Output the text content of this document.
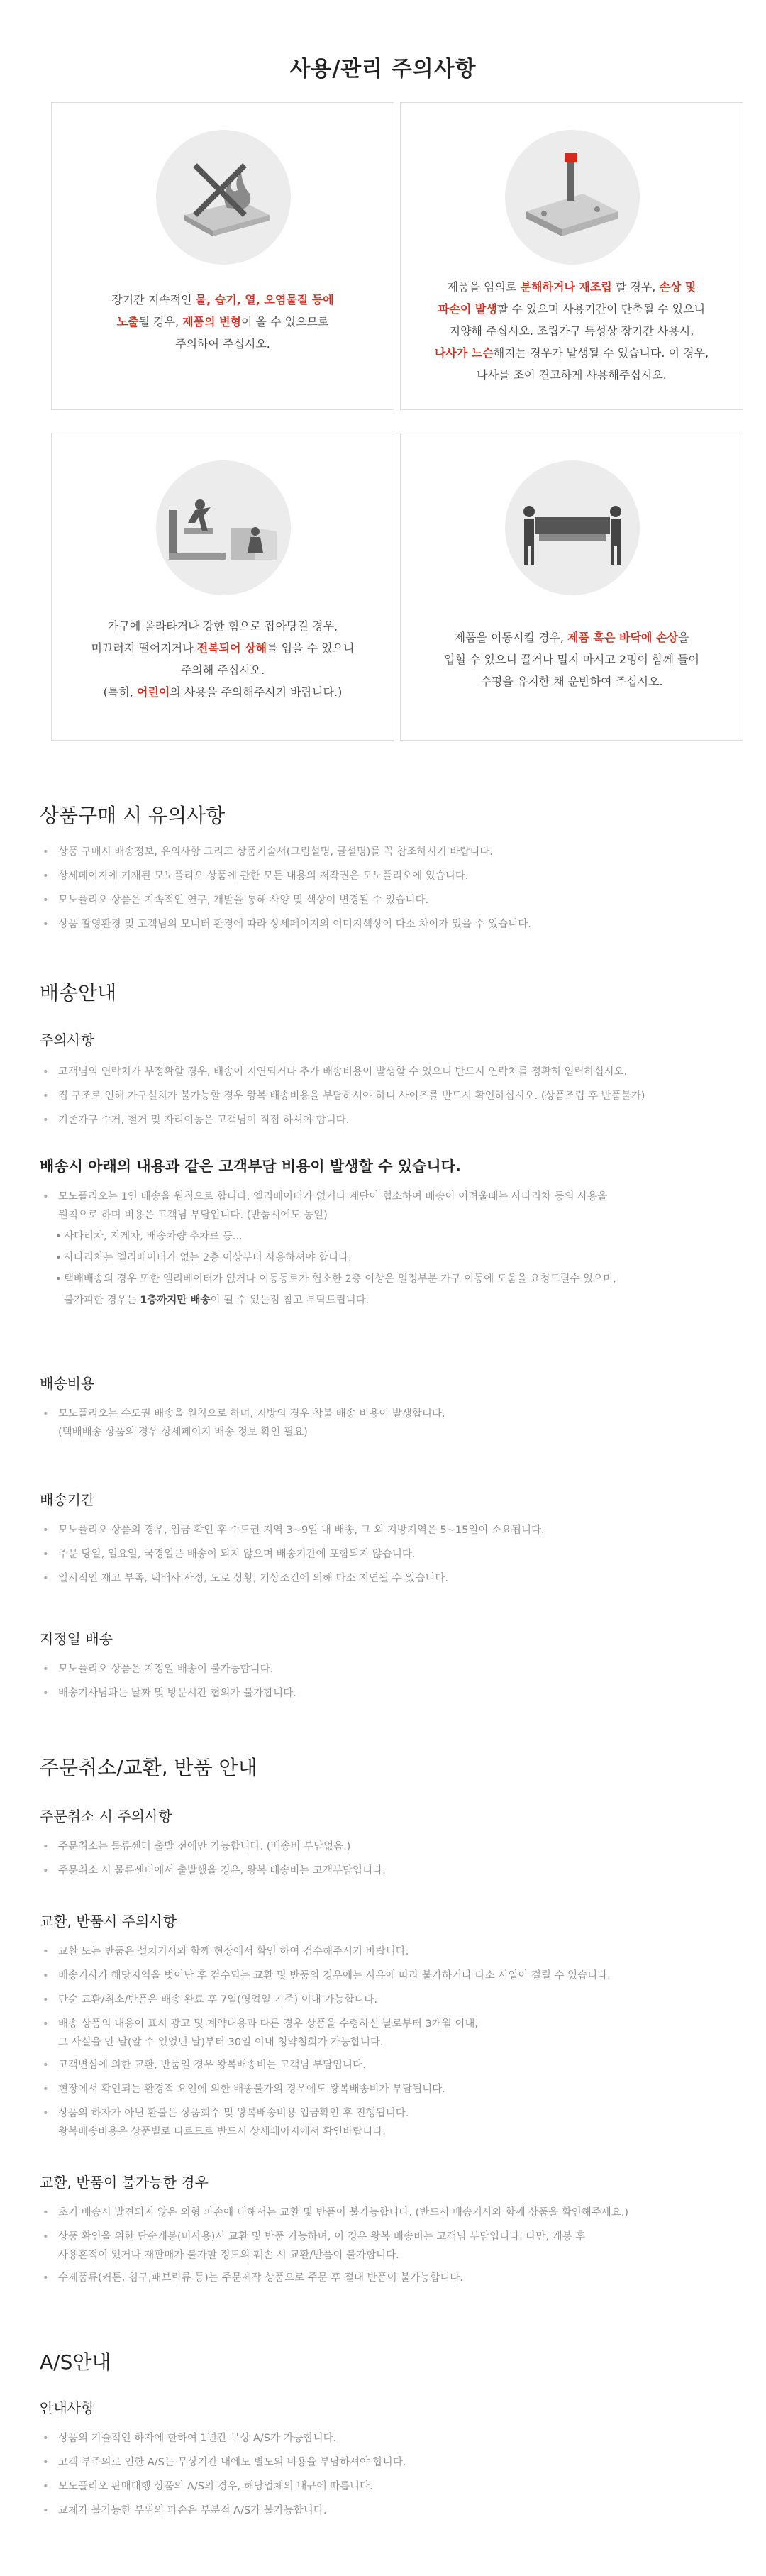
사용/관리 주의사항
장기간 지속적인 물, 습기, 열, 오염물질 등에
노출될 경우, 제품의 변형이 올 수 있으므로
주의하여 주십시오.
제품을 임의로 분해하거나 재조립 할 경우, 손상 및
파손이 발생할 수 있으며 사용기간이 단축될 수 있으니
지양해 주십시오. 조립가구 특성상 장기간 사용시,
나사가 느슨해지는 경우가 발생될 수 있습니다. 이 경우,
나사를 조여 견고하게 사용해주십시오.
가구에 올라타거나 강한 힘으로 잡아당길 경우,
미끄러져 떨어지거나 전복되어 상해를 입을 수 있으니
주의해 주십시오.
(특히, 어린이의 사용을 주의해주시기 바랍니다.)
제품을 이동시킬 경우, 제품 혹은 바닥에 손상을
입힐 수 있으니 끌거나 밀지 마시고 2명이 함께 들어
수평을 유지한 채 운반하여 주십시오.
상품구매 시 유의사항
• 상품 구매시 배송정보, 유의사항 그리고 상품기술서(그림설명, 글설명)를 꼭 참조하시기 바랍니다.
• 상세페이지에 기재된 모노플리오 상품에 관한 모든 내용의 저작권은 모노플리오에 있습니다.
• 모노플리오 상품은 지속적인 연구, 개발을 통해 사양 및 색상이 변경될 수 있습니다.
• 상품 촬영환경 및 고객님의 모니터 환경에 따라 상세페이지의 이미지색상이 다소 차이가 있을 수 있습니다.
배송안내
주의사항
• 고객님의 연락처가 부정확할 경우, 배송이 지연되거나 추가 배송비용이 발생할 수 있으니 반드시 연락처를 정확히 입력하십시오.
• 집 구조로 인해 가구설치가 불가능할 경우 왕복 배송비용을 부담하셔야 하니 사이즈를 반드시 확인하십시오. (상품조립 후 반품불가)
• 기존가구 수거, 철거 및 자리이동은 고객님이 직접 하셔야 합니다.
배송시 아래의 내용과 같은 고객부담 비용이 발생할 수 있습니다.
• 모노플리오는 1인 배송을 원칙으로 합니다. 엘리베이터가 없거나 계단이 협소하여 배송이 어려울때는 사다리차 등의 사용을
원칙으로 하며 비용은 고객님 부담입니다. (반품시에도 동일)
• 사다리차, 지게차, 배송차량 추차료 등...
• 사다리차는 엘리베이터가 없는 2층 이상부터 사용하셔야 합니다.
• 택배배송의 경우 또한 엘리베이터가 없거나 이동동로가 협소한 2층 이상은 일정부분 가구 이동에 도움을 요청드릴수 있으며,
불가피한 경우는 1층까지만 배송이 될 수 있는점 참고 부탁드립니다.
배송비용
• 모노플리오는 수도권 배송을 원칙으로 하며, 지방의 경우 착불 배송 비용이 발생합니다.
(택배배송 상품의 경우 상세페이지 배송 정보 확인 필요)
배송기간
• 모노플리오 상품의 경우, 입금 확인 후 수도권 지역 3~9일 내 배송, 그 외 지방지역은 5~15일이 소요됩니다.
• 주문 당일, 일요일, 국경일은 배송이 되지 않으며 배송기간에 포함되지 않습니다.
• 일시적인 재고 부족, 택배사 사정, 도로 상황, 기상조건에 의해 다소 지연될 수 있습니다.
지정일 배송
• 모노플리오 상품은 지정일 배송이 불가능합니다.
• 배송기사님과는 날짜 및 방문시간 협의가 불가합니다.
주문취소/교환, 반품 안내
주문취소 시 주의사항
• 주문취소는 물류센터 출발 전에만 가능합니다. (배송비 부담없음.)
• 주문취소 시 물류센터에서 출발했을 경우, 왕복 배송비는 고객부담입니다.
교환, 반품시 주의사항
• 교환 또는 반품은 설치기사와 함께 현장에서 확인 하여 검수해주시기 바랍니다.
• 배송기사가 해당지역을 벗어난 후 검수되는 교환 및 반품의 경우에는 사유에 따라 불가하거나 다소 시일이 걸릴 수 있습니다.
• 단순 교환/취소/반품은 배송 완료 후 7일(영업일 기준) 이내 가능합니다.
• 배송 상품의 내용이 표시 광고 및 계약내용과 다른 경우 상품을 수령하신 날로부터 3개월 이내,
그 사실을 안 날(알 수 있었던 날)부터 30일 이내 청약철회가 가능합니다.
• 고객변심에 의한 교환, 반품일 경우 왕복배송비는 고객님 부담입니다.
• 현장에서 확인되는 환경적 요인에 의한 배송불가의 경우에도 왕복배송비가 부담됩니다.
• 상품의 하자가 아닌 환불은 상품회수 및 왕복배송비용 입금확인 후 진행됩니다.
왕복배송비용은 상품별로 다르므로 반드시 상세페이지에서 확인바랍니다.
교환, 반품이 불가능한 경우
• 초기 배송시 발견되지 않은 외형 파손에 대해서는 교환 및 반품이 불가능합니다. (반드시 배송기사와 함께 상품을 확인해주세요.)
• 상품 확인을 위한 단순개봉(미사용)시 교환 및 반품 가능하며, 이 경우 왕복 배송비는 고객님 부담입니다. 다만, 개봉 후
사용흔적이 있거나 재판매가 불가할 정도의 훼손 시 교환/반품이 불가합니다.
• 수제품류(커튼, 침구,패브릭류 등)는 주문제작 상품으로 주문 후 절대 반품이 불가능합니다.
A/S안내
안내사항
• 상품의 기술적인 하자에 한하여 1년간 무상 A/S가 가능합니다.
• 고객 부주의로 인한 A/S는 무상기간 내에도 별도의 비용을 부담하셔야 합니다.
• 모노플리오 판매대행 상품의 A/S의 경우, 해당업체의 내규에 따릅니다.
• 교체가 불가능한 부위의 파손은 부분적 A/S가 불가능합니다.
